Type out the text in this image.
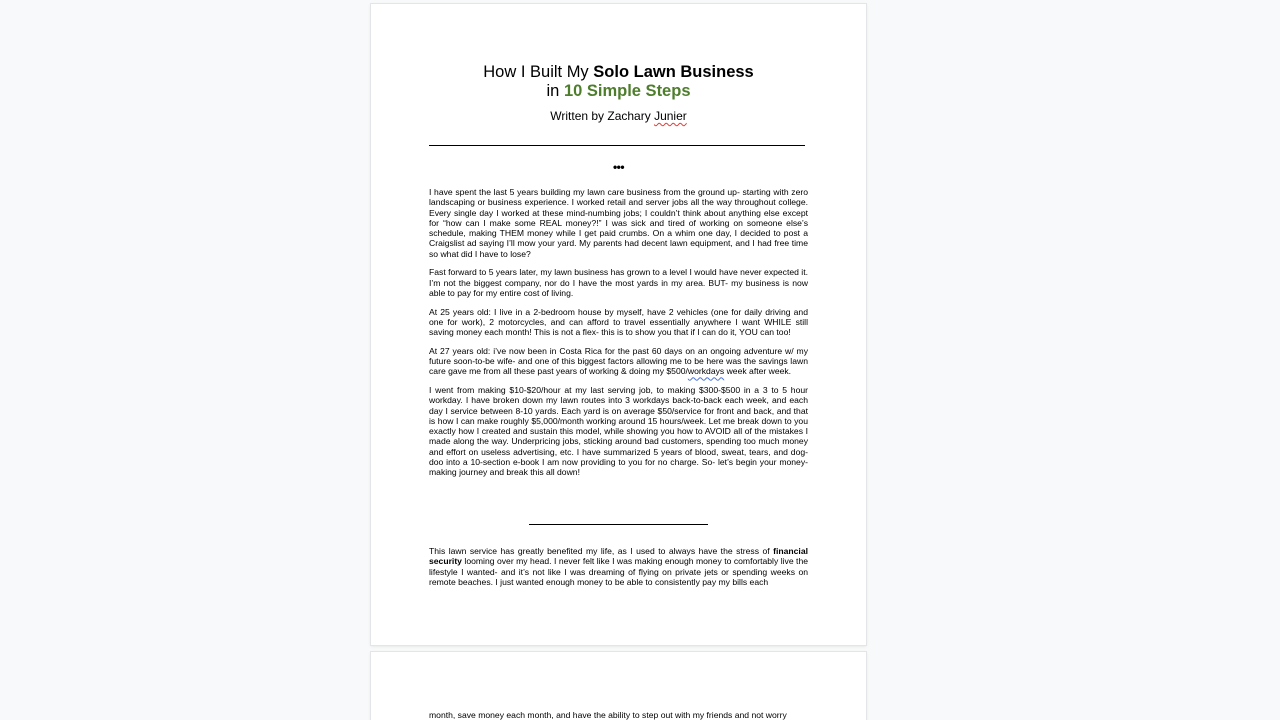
How I Built My Solo Lawn Business
in 10 Simple Steps
Written by Zachary Junier
•••

I have spent the last 5 years building my lawn care business from the ground up- starting with zero landscaping or business experience. I worked retail and server jobs all the way throughout college. Every single day I worked at these mind-numbing jobs; I couldn’t think about anything else except for “how can I make some REAL money?!” I was sick and tired of working on someone else’s schedule, making THEM money while I get paid crumbs. On a whim one day, I decided to post a Craigslist ad saying I’ll mow your yard. My parents had decent lawn equipment, and I had free time so what did I have to lose?

Fast forward to 5 years later, my lawn business has grown to a level I would have never expected it. I’m not the biggest company, nor do I have the most yards in my area. BUT- my business is now able to pay for my entire cost of living.

At 25 years old: I live in a 2-bedroom house by myself, have 2 vehicles (one for daily driving and one for work), 2 motorcycles, and can afford to travel essentially anywhere I want WHILE still saving money each month! This is not a flex- this is to show you that if I can do it, YOU can too!

At 27 years old: i’ve now been in Costa Rica for the past 60 days on an ongoing adventure w/ my future soon-to-be wife- and one of this biggest factors allowing me to be here was the savings lawn care gave me from all these past years of working & doing my $500/workdays week after week.

I went from making $10-$20/hour at my last serving job, to making $300-$500 in a 3 to 5 hour workday. I have broken down my lawn routes into 3 workdays back-to-back each week, and each day I service between 8-10 yards. Each yard is on average $50/service for front and back, and that is how I can make roughly $5,000/month working around 15 hours/week. Let me break down to you exactly how I created and sustain this model, while showing you how to AVOID all of the mistakes I made along the way. Underpricing jobs, sticking around bad customers, spending too much money and effort on useless advertising, etc. I have summarized 5 years of blood, sweat, tears, and dog-doo into a 10-section e-book I am now providing to you for no charge. So- let’s begin your money-making journey and break this all down!

This lawn service has greatly benefited my life, as I used to always have the stress of financial security looming over my head. I never felt like I was making enough money to comfortably live the lifestyle I wanted- and it’s not like I was dreaming of flying on private jets or spending weeks on remote beaches. I just wanted enough money to be able to consistently pay my bills each

month, save money each month, and have the ability to step out with my friends and not worry
